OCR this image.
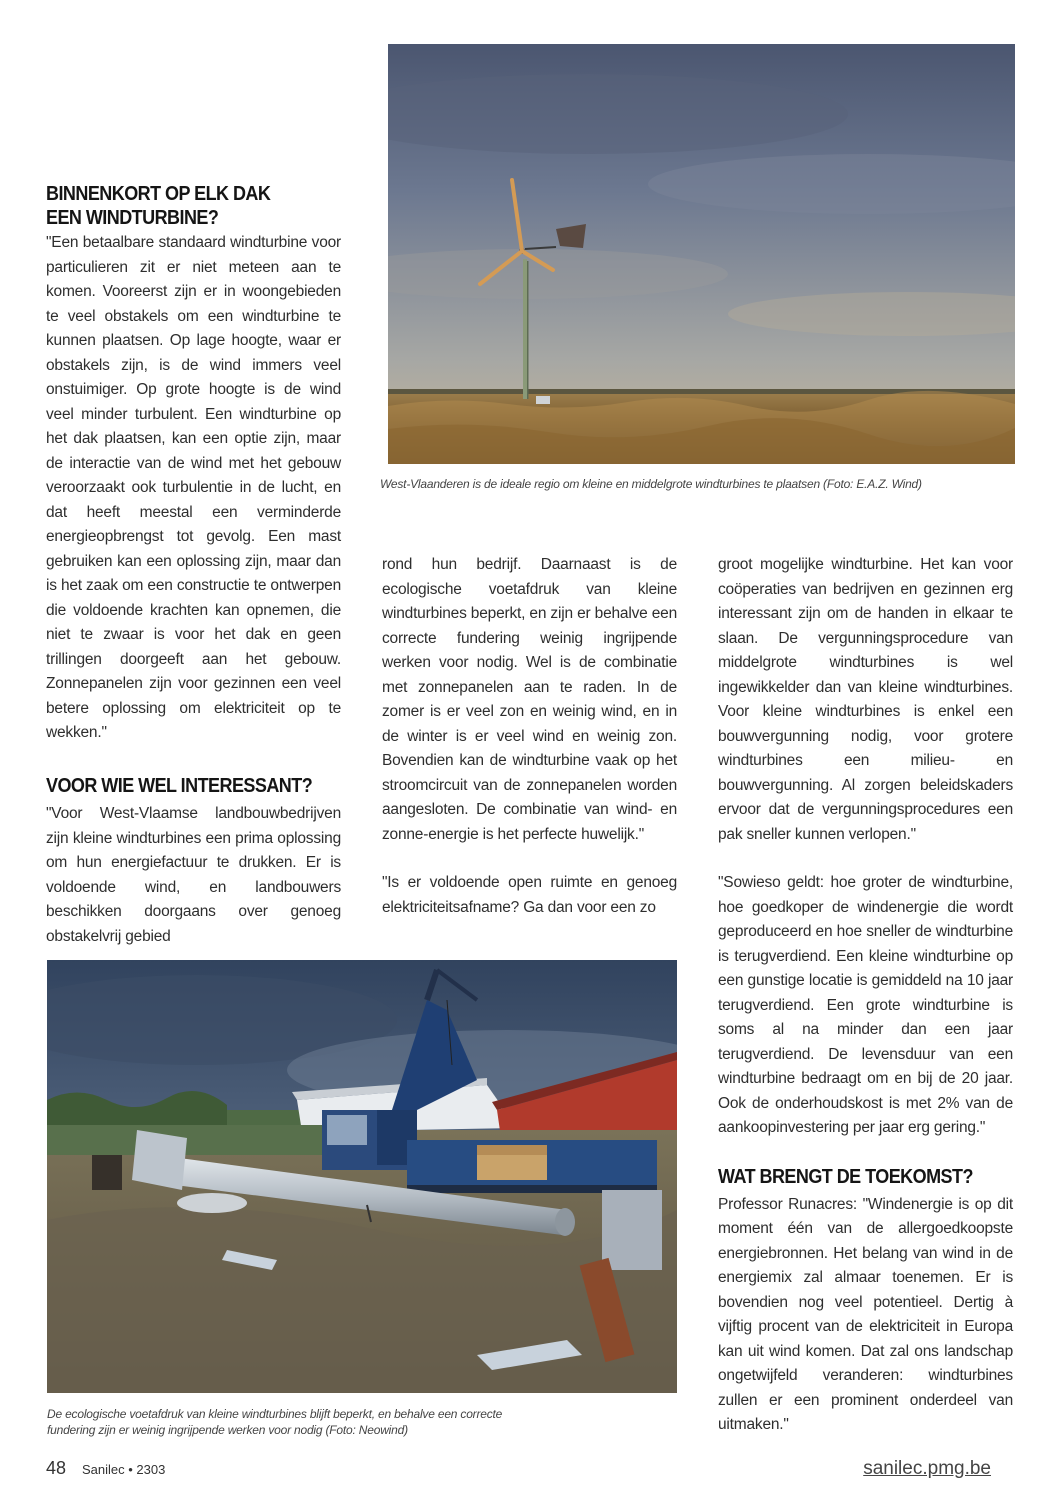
West-Vlaanderen is de ideale regio om kleine en middelgrote windturbines te plaatsen (Foto: E.A.Z. Wind)
BINNENKORT OP ELK DAK
EEN WINDTURBINE?

"Een betaalbare standaard windturbine voor particulieren zit er niet meteen aan te komen. Vooreerst zijn er in woongebieden te veel obstakels om een windturbine te kunnen plaatsen. Op lage hoogte, waar er obstakels zijn, is de wind immers veel onstuimiger. Op grote hoogte is de wind veel minder turbulent. Een windturbine op het dak plaatsen, kan een optie zijn, maar de interactie van de wind met het gebouw veroorzaakt ook turbulentie in de lucht, en dat heeft meestal een verminderde energieopbrengst tot gevolg. Een mast gebruiken kan een oplossing zijn, maar dan is het zaak om een constructie te ontwerpen die voldoende krachten kan opnemen, die niet te zwaar is voor het dak en geen trillingen doorgeeft aan het gebouw. Zonnepanelen zijn voor gezinnen een veel betere oplossing om elektriciteit op te wekken."

VOOR WIE WEL INTERESSANT?

"Voor West-Vlaamse landbouwbedrijven zijn kleine windturbines een prima oplossing om hun energiefactuur te drukken. Er is voldoende wind, en landbouwers beschikken doorgaans over genoeg obstakelvrij gebied

rond hun bedrijf. Daarnaast is de ecologische voetafdruk van kleine windturbines beperkt, en zijn er behalve een correcte fundering weinig ingrijpende werken voor nodig. Wel is de combinatie met zonnepanelen aan te raden. In de zomer is er veel zon en weinig wind, en in de winter is er veel wind en weinig zon. Bovendien kan de windturbine vaak op het stroomcircuit van de zonnepanelen worden aangesloten. De combinatie van wind- en zonne-energie is het perfecte huwelijk."

"Is er voldoende open ruimte en genoeg elektriciteitsafname? Ga dan voor een zo

groot mogelijke windturbine. Het kan voor coöperaties van bedrijven en gezinnen erg interessant zijn om de handen in elkaar te slaan. De vergunningsprocedure van middelgrote windturbines is wel ingewikkelder dan van kleine windturbines. Voor kleine windturbines is enkel een bouwvergunning nodig, voor grotere windturbines een milieu- en bouwvergunning. Al zorgen beleidskaders ervoor dat de vergunningsprocedures een pak sneller kunnen verlopen."

"Sowieso geldt: hoe groter de windturbine, hoe goedkoper de windenergie die wordt geproduceerd en hoe sneller de windturbine is terugverdiend. Een kleine windturbine op een gunstige locatie is gemiddeld na 10 jaar terugverdiend. Een grote windturbine is soms al na minder dan een jaar terugverdiend. De levensduur van een windturbine bedraagt om en bij de 20 jaar. Ook de onderhoudskost is met 2% van de aankoopinvestering per jaar erg gering."

WAT BRENGT DE TOEKOMST?

Professor Runacres: "Windenergie is op dit moment één van de allergoedkoopste energiebronnen. Het belang van wind in de energiemix zal almaar toenemen. Er is bovendien nog veel potentieel. Dertig à vijftig procent van de elektriciteit in Europa kan uit wind komen. Dat zal ons landschap ongetwijfeld veranderen: windturbines zullen er een prominent onderdeel van uitmaken."

De ecologische voetafdruk van kleine windturbines blijft beperkt, en behalve een correcte
fundering zijn er weinig ingrijpende werken voor nodig (Foto: Neowind)
48 Sanilec • 2303	sanilec.pmg.be
